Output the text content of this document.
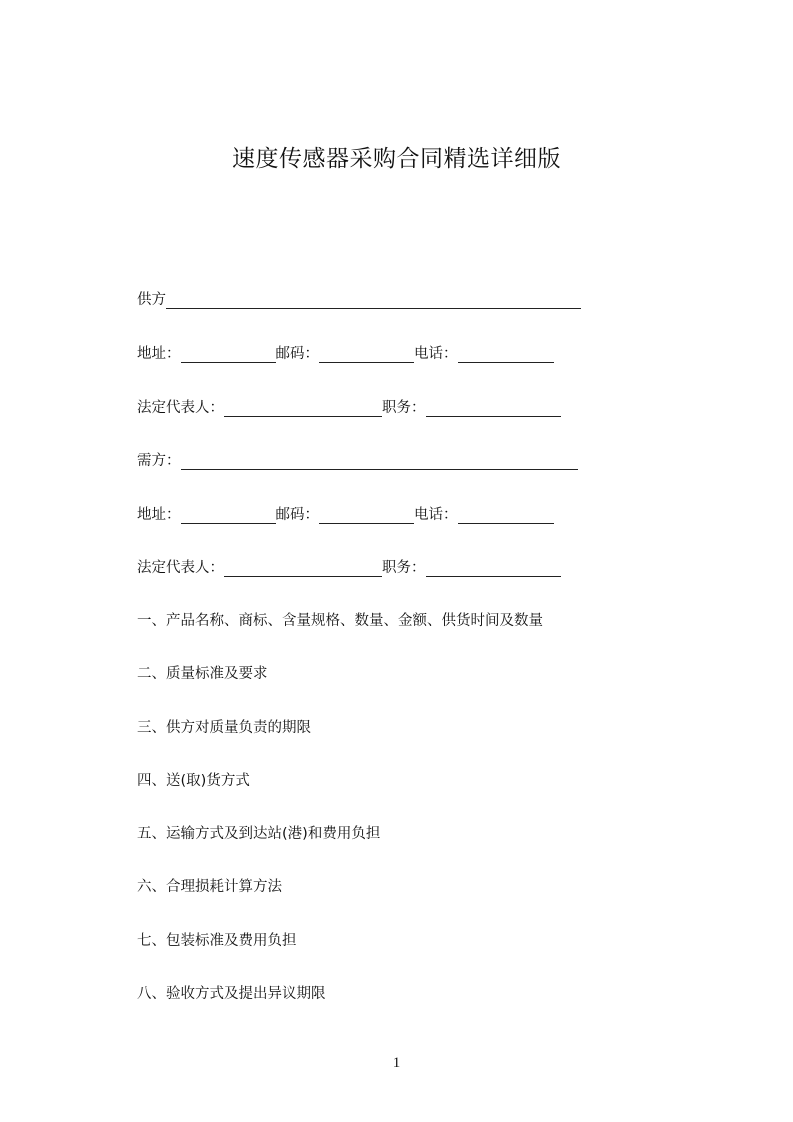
速度传感器采购合同精选详细版
供方
地址：	邮码：	电话：
法定代表人：	职务：
需方：
地址：	邮码：	电话：
法定代表人：	职务：
一、产品名称、商标、含量规格、数量、金额、供货时间及数量
二、质量标准及要求
三、供方对质量负责的期限
四、送(取)货方式
五、运输方式及到达站(港)和费用负担
六、合理损耗计算方法
七、包装标准及费用负担
八、验收方式及提出异议期限
1
